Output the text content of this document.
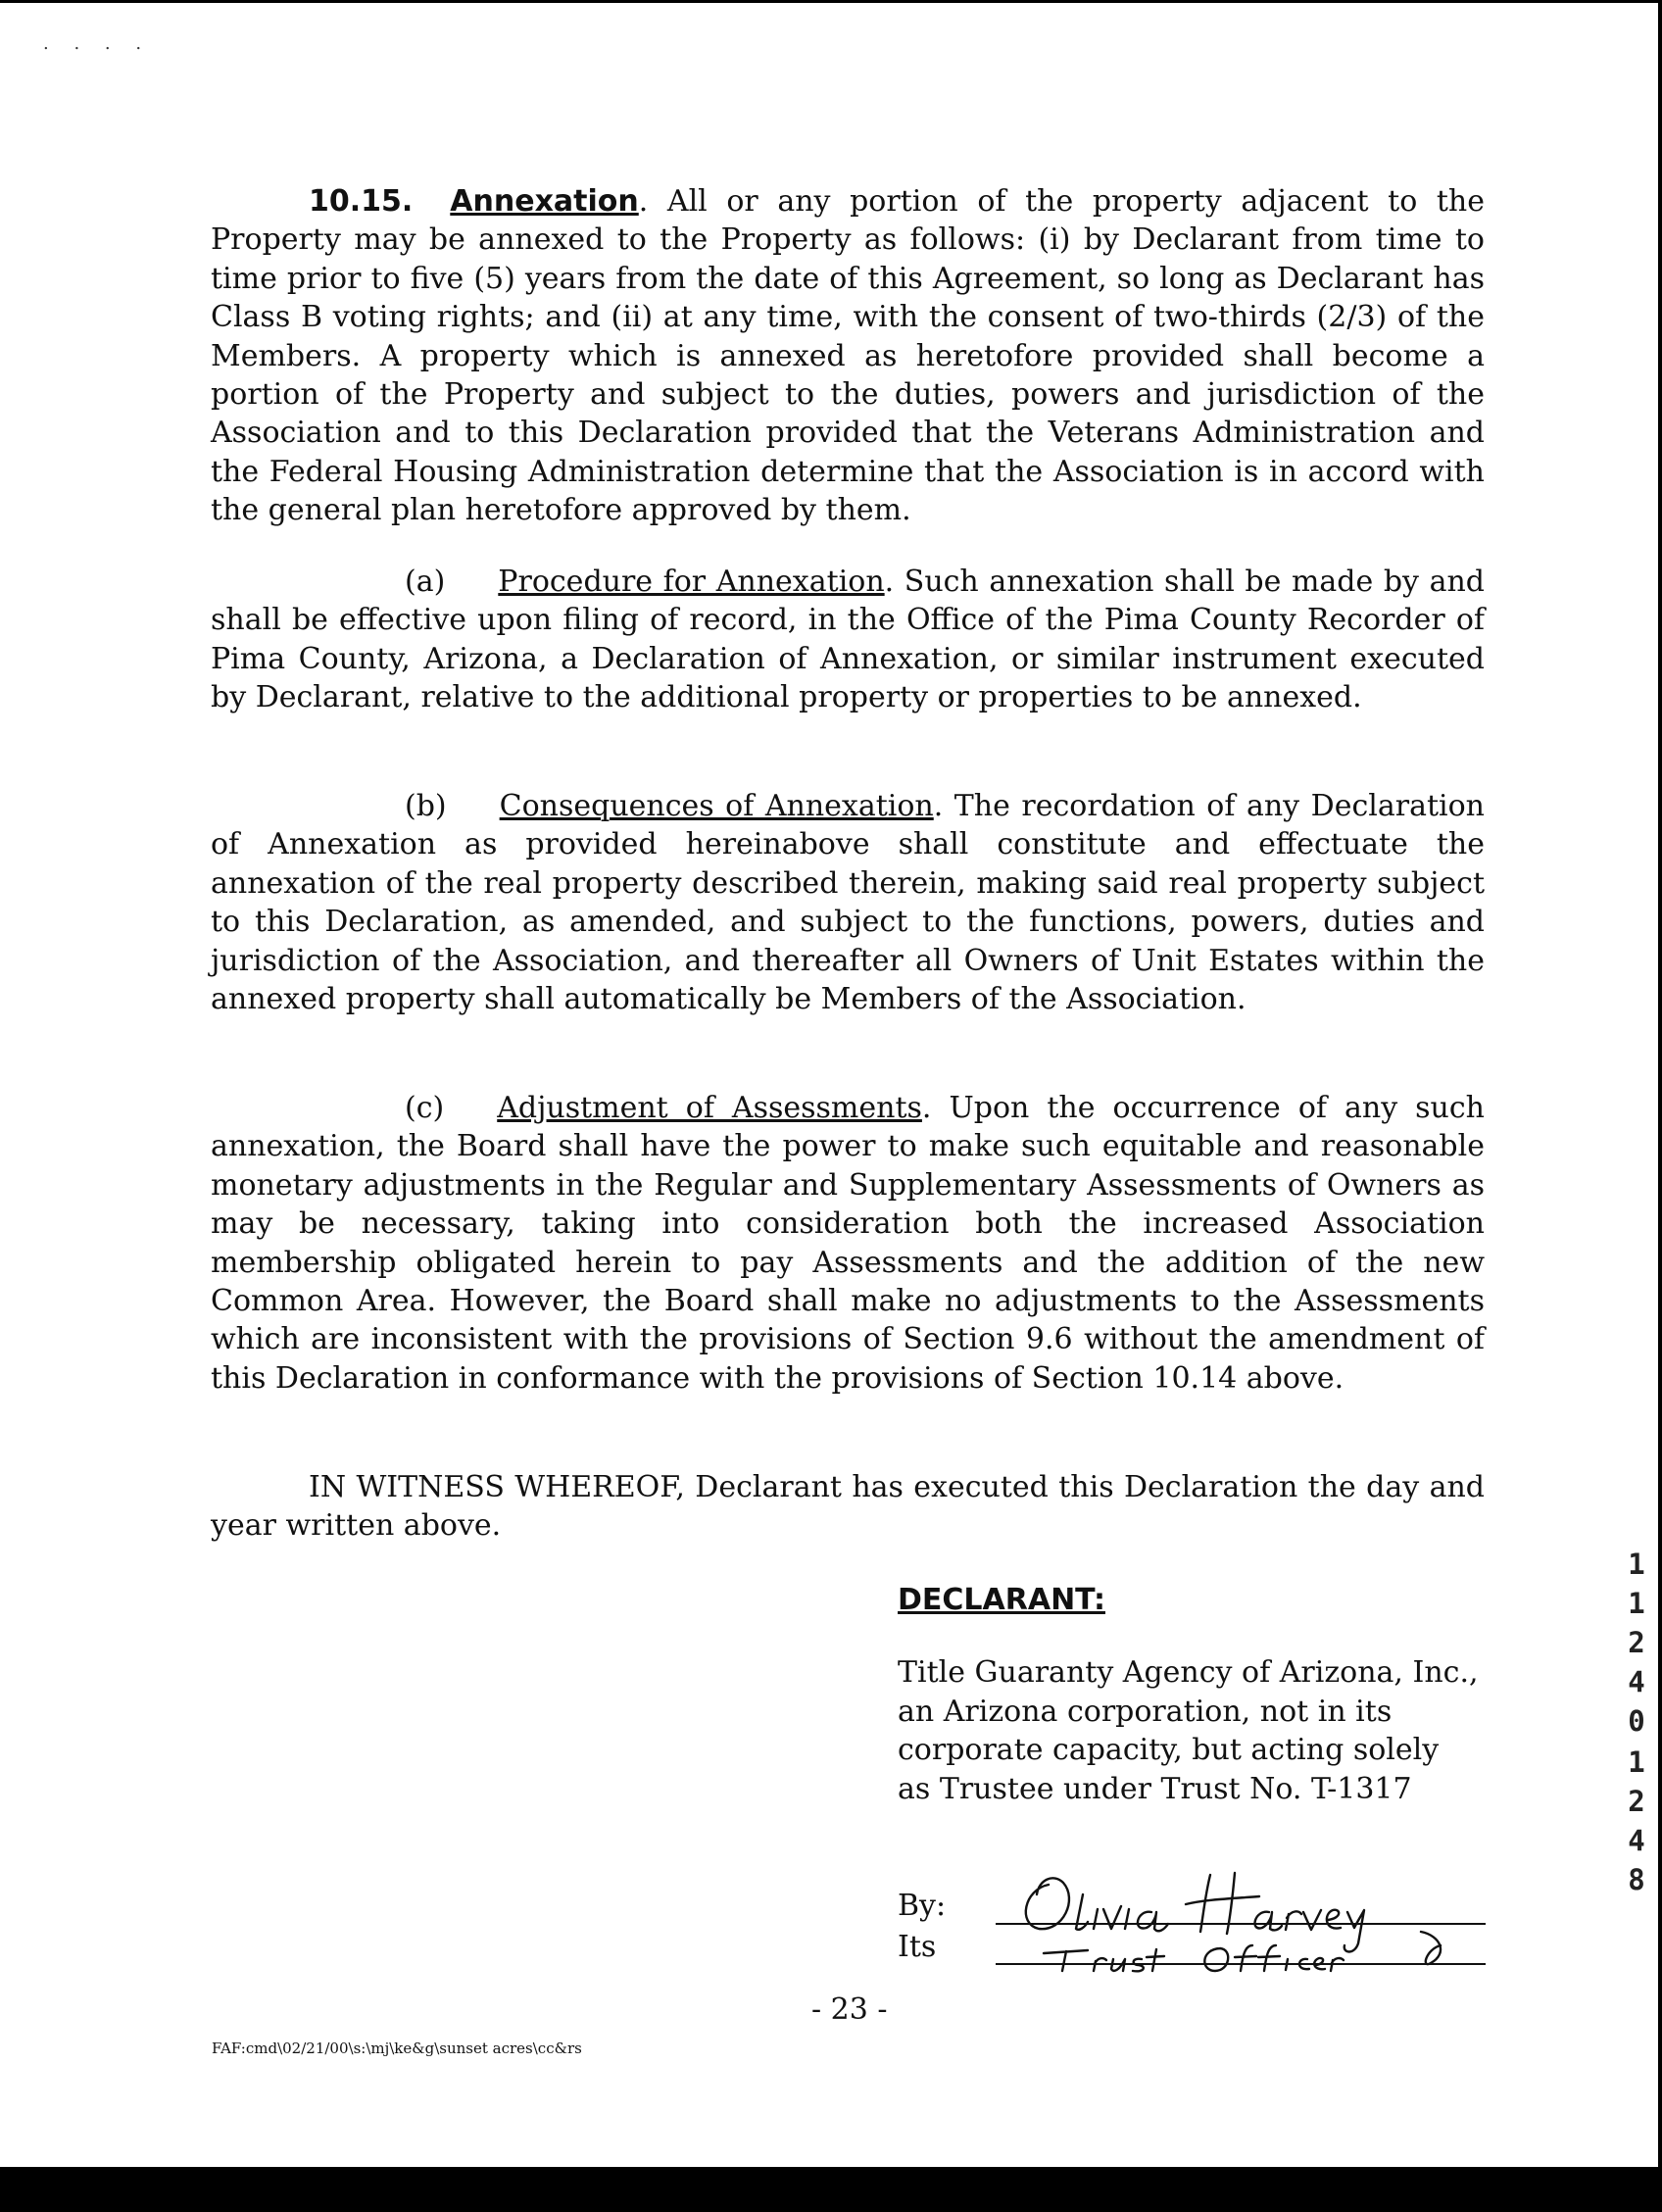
. . . .
10.15. Annexation. All or any portion of the property adjacent to the Property may be annexed to the Property as follows: (i) by Declarant from time to time prior to five (5) years from the date of this Agreement, so long as Declarant has Class B voting rights; and (ii) at any time, with the consent of two-thirds (2/3) of the Members. A property which is annexed as heretofore provided shall become a portion of the Property and subject to the duties, powers and jurisdiction of the Association and to this Declaration provided that the Veterans Administration and the Federal Housing Administration determine that the Association is in accord with the general plan heretofore approved by them.
(a) Procedure for Annexation. Such annexation shall be made by and shall be effective upon filing of record, in the Office of the Pima County Recorder of Pima County, Arizona, a Declaration of Annexation, or similar instrument executed by Declarant, relative to the additional property or properties to be annexed.
(b) Consequences of Annexation. The recordation of any Declaration of Annexation as provided hereinabove shall constitute and effectuate the annexation of the real property described therein, making said real property subject to this Declaration, as amended, and subject to the functions, powers, duties and jurisdiction of the Association, and thereafter all Owners of Unit Estates within the annexed property shall automatically be Members of the Association.
(c) Adjustment of Assessments. Upon the occurrence of any such annexation, the Board shall have the power to make such equitable and reasonable monetary adjustments in the Regular and Supplementary Assessments of Owners as may be necessary, taking into consideration both the increased Association membership obligated herein to pay Assessments and the addition of the new Common Area. However, the Board shall make no adjustments to the Assessments which are inconsistent with the provisions of Section 9.6 without the amendment of this Declaration in conformance with the provisions of Section 10.14 above.
IN WITNESS WHEREOF, Declarant has executed this Declaration the day and year written above.
DECLARANT:
Title Guaranty Agency of Arizona, Inc.,
an Arizona corporation, not in its
corporate capacity, but acting solely
as Trustee under Trust No. T-1317
By:
Its
- 23 -
FAF:cmd\02/21/00\s:\mj\ke&g\sunset acres\cc&rs
1
1
2
4
0
1
2
4
8
